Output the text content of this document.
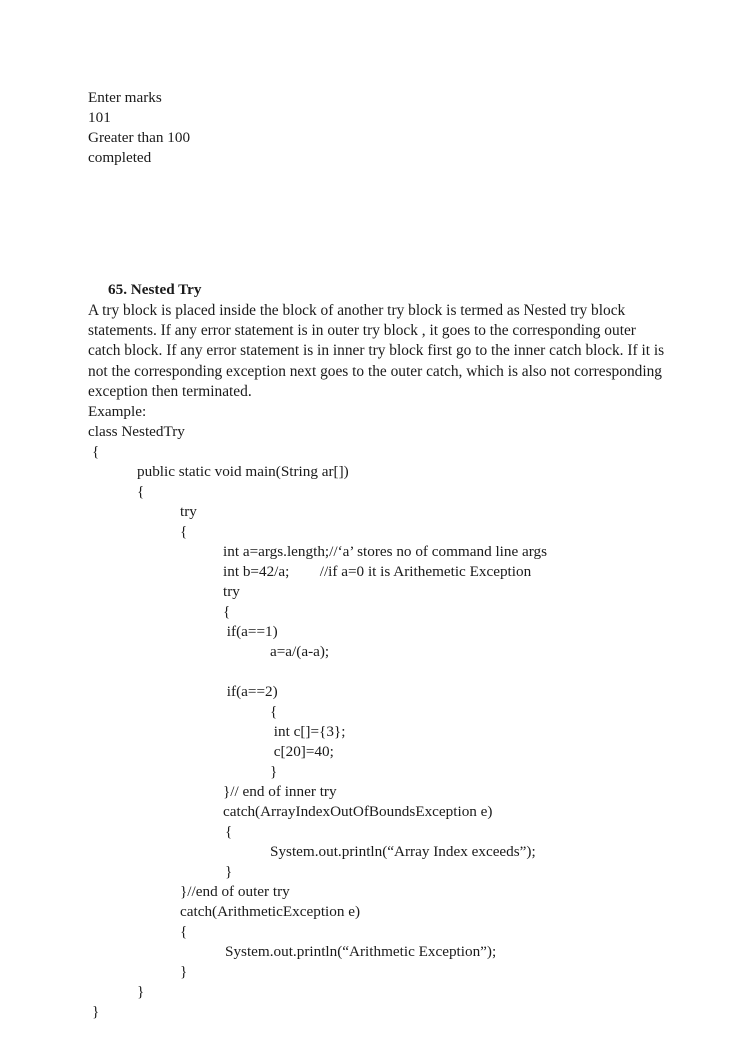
Enter marks
101
Greater than 100
completed
65. Nested Try
A try block is placed inside the block of another try block is termed as Nested try block
statements. If any error statement is in outer try block , it goes to the corresponding outer
catch block. If any error statement is in inner try block first go to the inner catch block. If it is
not the corresponding exception next goes to the outer catch, which is also not corresponding
exception then terminated.
Example:
class NestedTry
{
public static void main(String ar[])
{
try
{
int a=args.length;//‘a’ stores no of command line args
int b=42/a;        //if a=0 it is Arithemetic Exception
try
{
if(a==1)
a=a/(a-a);

if(a==2)
{
int c[]={3};
c[20]=40;
}
}// end of inner try
catch(ArrayIndexOutOfBoundsException e)
{
System.out.println(“Array Index exceeds”);
}
}//end of outer try
catch(ArithmeticException e)
{
System.out.println(“Arithmetic Exception”);
}
}
}
